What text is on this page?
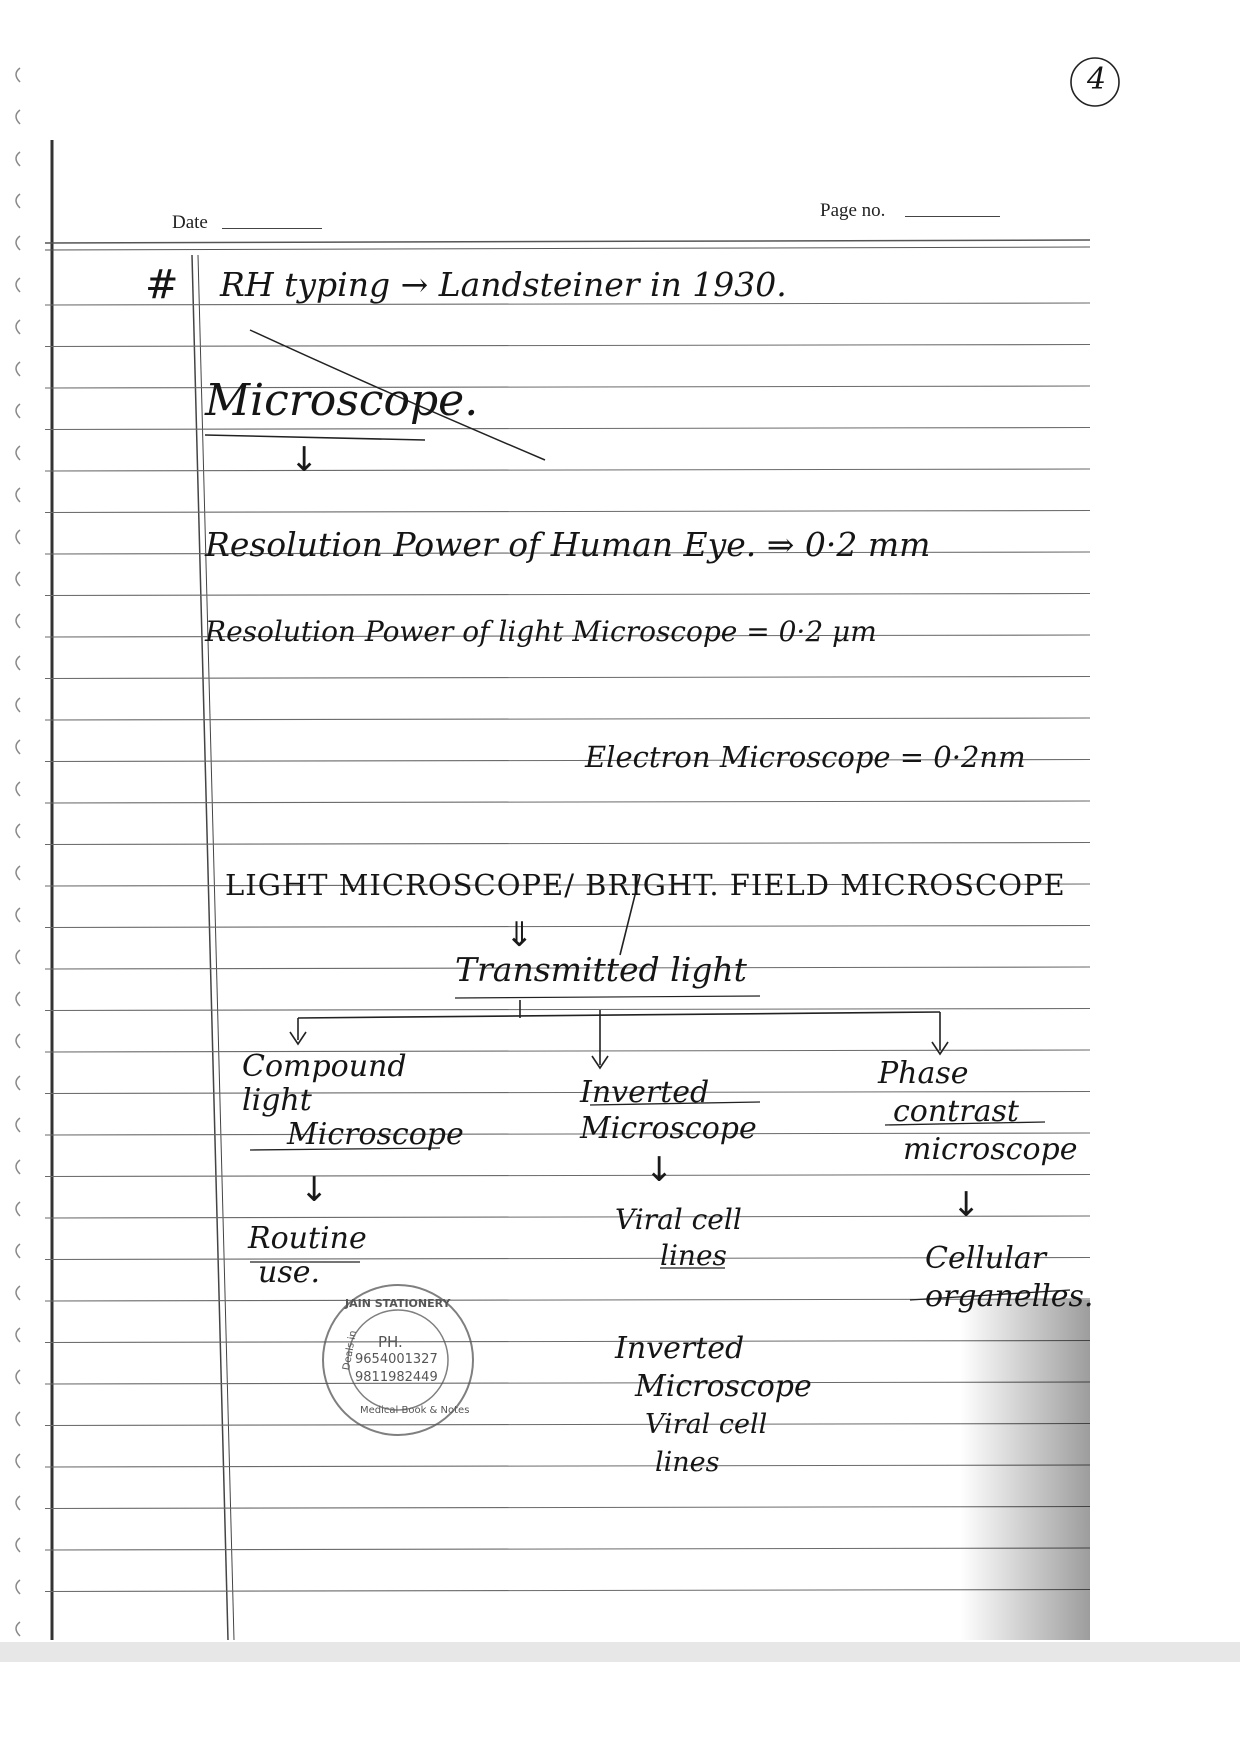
4
Date
Page no.
# RH typing → Landsteiner in 1930.
Microscope.
↓
Resolution Power of Human Eye. ⇒ 0·2 mm
Resolution Power of light Microscope = 0·2 μm
Electron Microscope = 0·2nm
LIGHT MICROSCOPE/ BRIGHT. FIELD MICROSCOPE
⇓
Transmitted light
Compound
light
Microscope
↓
Routine
use.
Inverted
Microscope
↓
Viral cell
lines
Phase
contrast
microscope
↓
Cellular
organelles.
Inverted
Microscope
Viral cell
lines
JAIN STATIONERY
Deals in PH.
9654001327
9811982449
Medical Book & Notes
